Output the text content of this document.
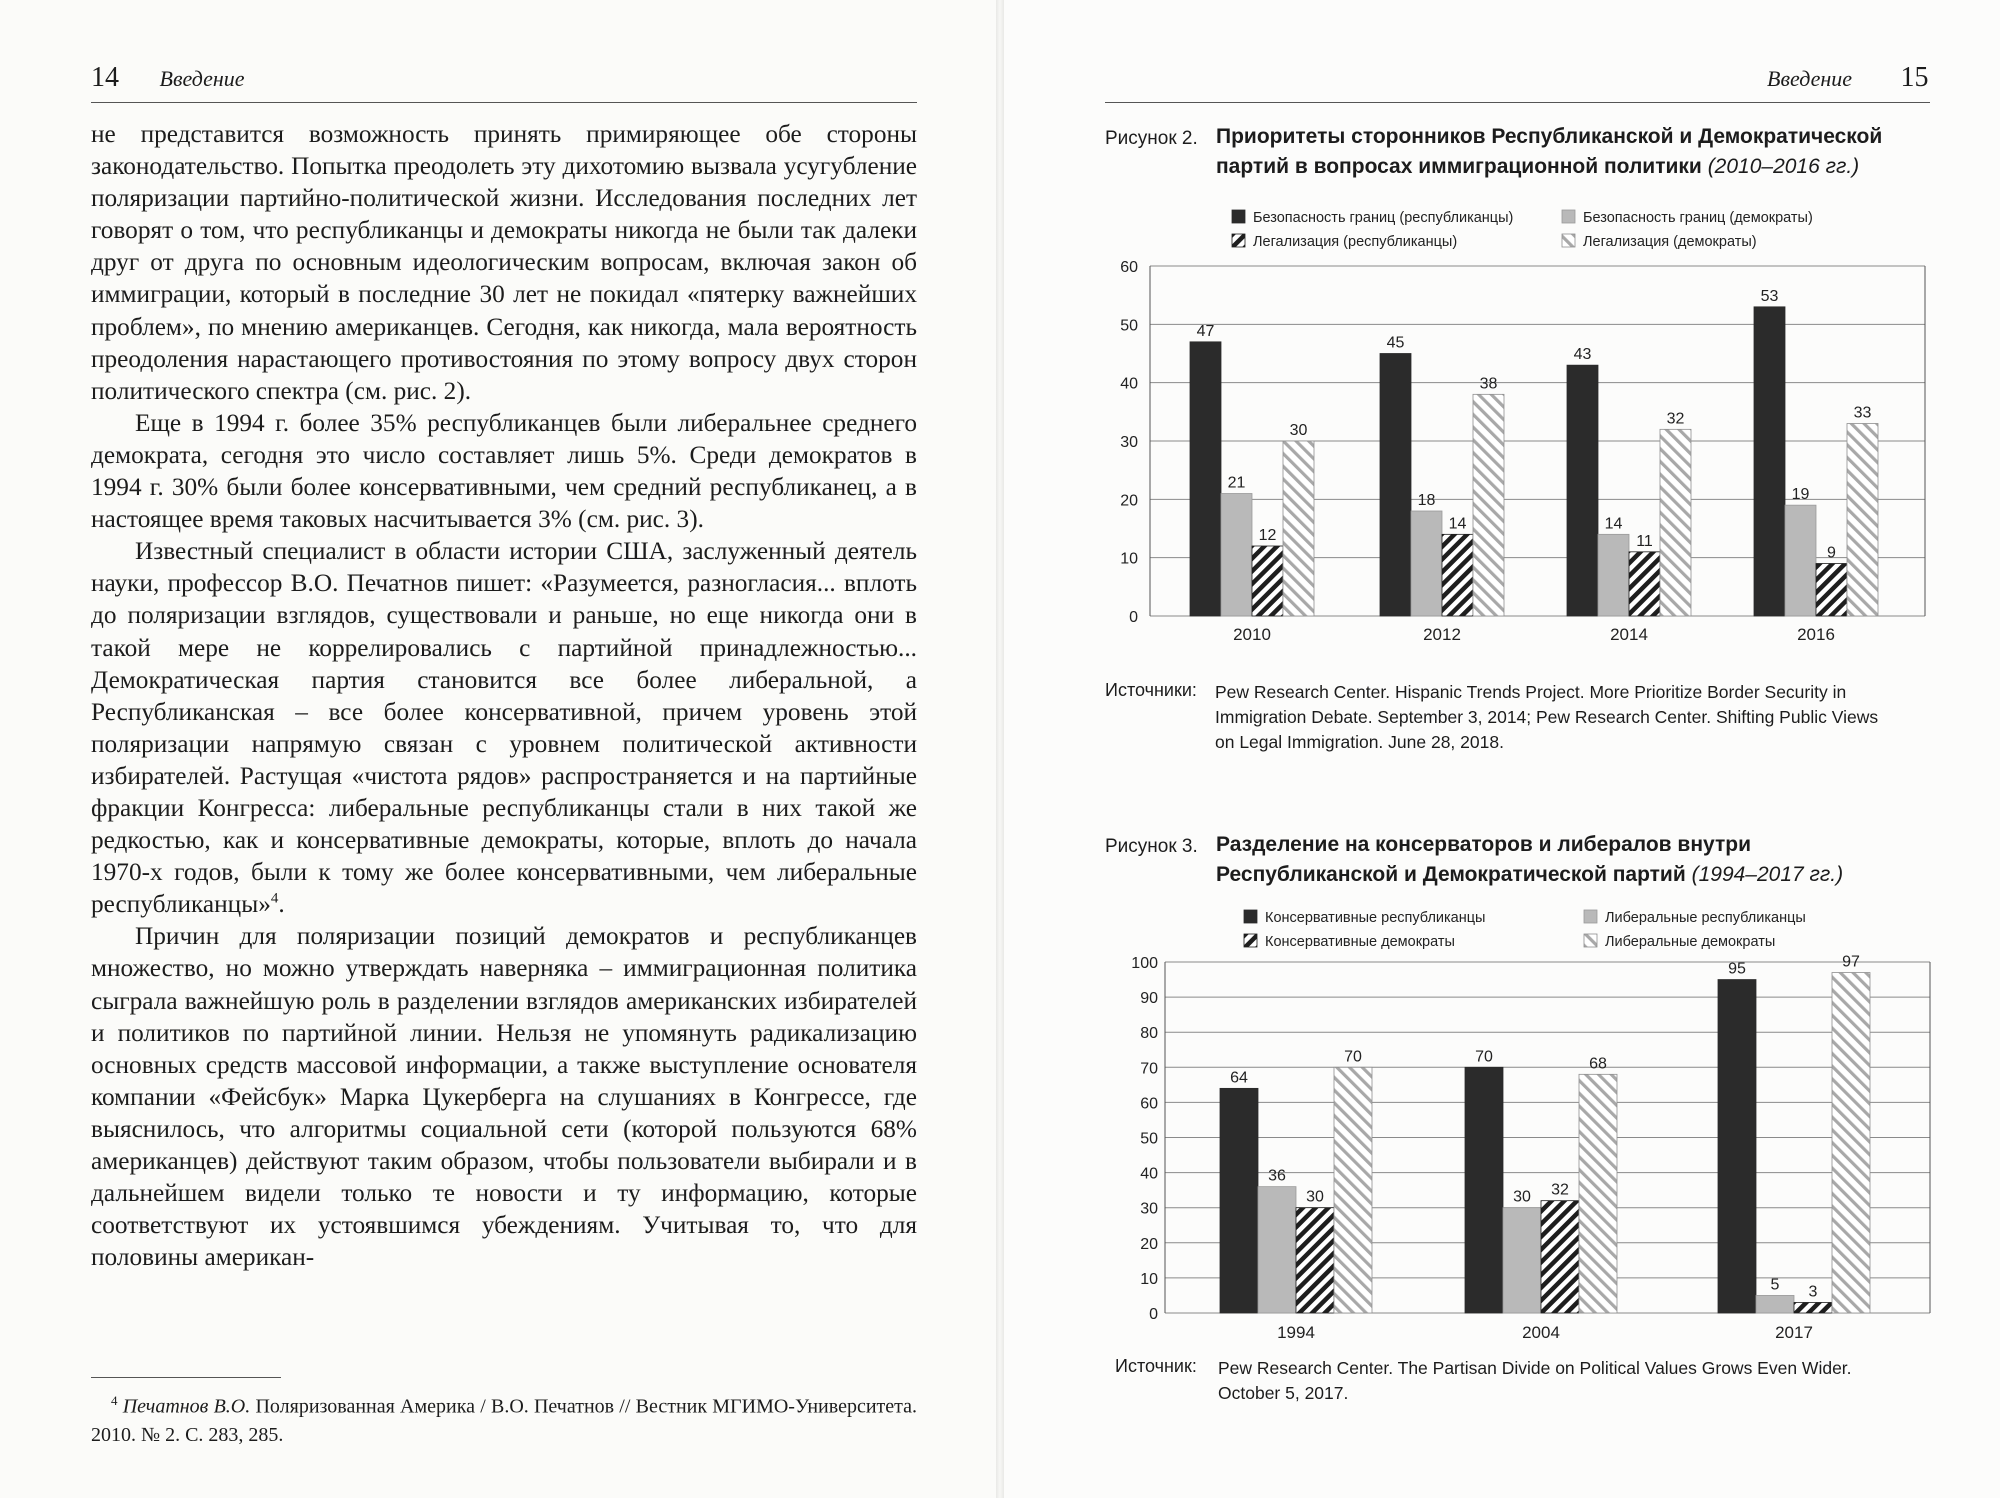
14 Введение

не представится возможность принять примиряющее обе стороны законодательство. Попытка преодолеть эту дихотомию вызвала усугубление поляризации партийно-политической жизни. Исследования последних лет говорят о том, что республиканцы и демократы никогда не были так далеки друг от друга по основным идеологическим вопросам, включая закон об иммиграции, который в последние 30 лет не покидал «пятерку важнейших проблем», по мнению американцев. Сегодня, как никогда, мала вероятность преодоления нарастающего противостояния по этому вопросу двух сторон политического спектра (см. рис. 2).

Еще в 1994 г. более 35% республиканцев были либеральнее среднего демократа, сегодня это число составляет лишь 5%. Среди демократов в 1994 г. 30% были более консервативными, чем средний республиканец, а в настоящее время таковых насчитывается 3% (см. рис. 3).

Известный специалист в области истории США, заслуженный деятель науки, профессор В.О. Печатнов пишет: «Разумеется, разногласия... вплоть до поляризации взглядов, существовали и раньше, но еще никогда они в такой мере не коррелировались с партийной принадлежностью... Демократическая партия становится все более либеральной, а Республиканская – все более консервативной, причем уровень этой поляризации напрямую связан с уровнем политической активности избирателей. Растущая «чистота рядов» распространяется и на партийные фракции Конгресса: либеральные республиканцы стали в них такой же редкостью, как и консервативные демократы, которые, вплоть до начала 1970-х годов, были к тому же более консервативными, чем либеральные республиканцы»$^4$.

Причин для поляризации позиций демократов и республиканцев множество, но можно утверждать наверняка – иммиграционная политика сыграла важнейшую роль в разделении взглядов американских избирателей и политиков по партийной линии. Нельзя не упомянуть радикализацию основных средств массовой информации, а также выступление основателя компании «Фейсбук» Марка Цукерберга на слушаниях в Конгрессе, где выяснилось, что алгоритмы социальной сети (которой пользуются 68% американцев) действуют таким образом, чтобы пользователи выбирали и в дальнейшем видели только те новости и ту информацию, которые соответствуют их устоявшимся убеждениям. Учитывая то, что для половины американ-

$^4$ Печатнов В.О. Поляризованная Америка / В.О. Печатнов // Вестник МГИМО-Университета. 2010. № 2. С. 283, 285.
Введение 15
Рисунок 2. Приоритеты сторонников Республиканской и Демократической
партий в вопросах иммиграционной политики (2010–2016 гг.)
Безопасность границ (республиканцы)	Безопасность границ (демократы)
Легализация (республиканцы)	Легализация (демократы)
0
10
20
30
40
50
60
47
21
12
30
2010
45
18
14
38
2012
43
14
11
32
2014
53
19
9
33
2016
Консервативные республиканцы	Либеральные республиканцы
Консервативные демократы	Либеральные демократы
0
10
20
30
40
50
60
70
80
90
100
64
36
30
70
1994
70
30 32
68
2004
95
5 3
97
2017
Источники: Pew Research Center. Hispanic Trends Project. More Prioritize Border Security in
Immigration Debate. September 3, 2014; Pew Research Center. Shifting Public Views
on Legal Immigration. June 28, 2018.
Рисунок 3. Разделение на консерваторов и либералов внутри
Республиканской и Демократической партий (1994–2017 гг.)
Источник: Pew Research Center. The Partisan Divide on Political Values Grows Even Wider.
October 5, 2017.
